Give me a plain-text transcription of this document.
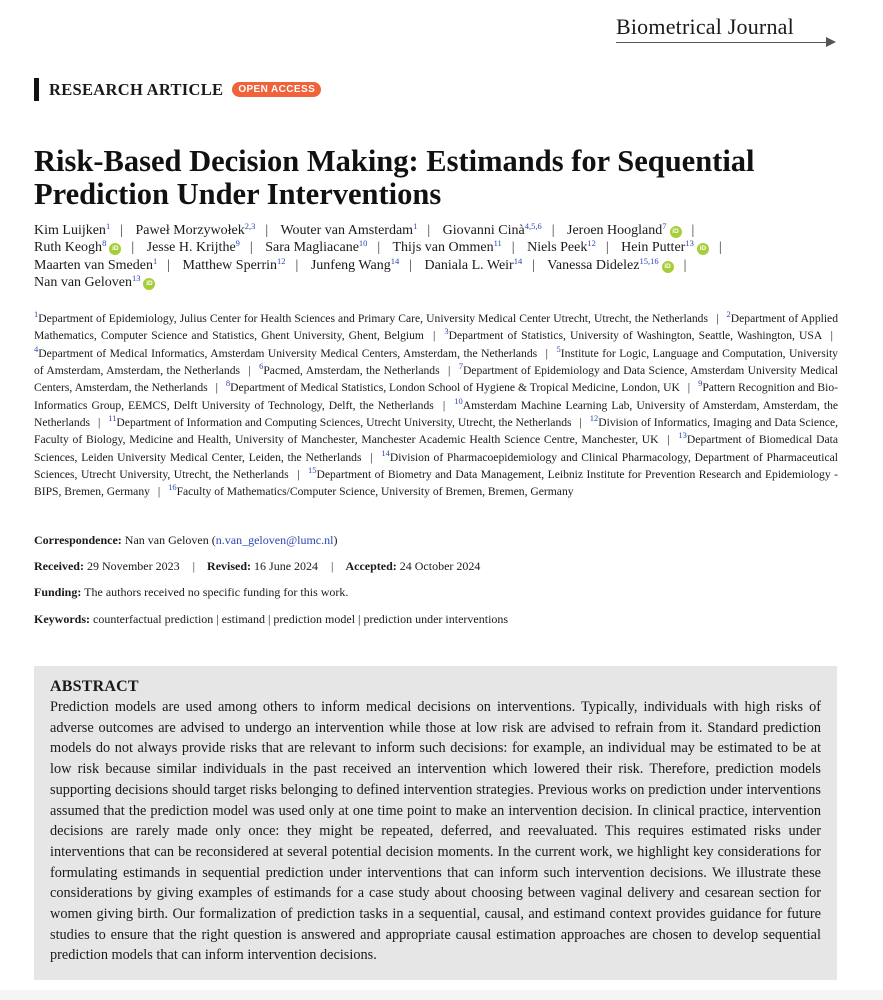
Biometrical Journal
RESEARCH ARTICLE	OPEN ACCESS
Risk-Based Decision Making: Estimands for Sequential Prediction Under Interventions
Kim Luijken$^1$ | Paweł Morzywołek$^{2,3}$ | Wouter van Amsterdam$^1$ | Giovanni Cinà$^{4,5,6}$ | Jeroen Hoogland$^7$iD |
Ruth Keogh$^8$iD | Jesse H. Krijthe$^9$ | Sara Magliacane$^{10}$ | Thijs van Ommen$^{11}$ | Niels Peek$^{12}$ | Hein Putter$^{13}$iD |
Maarten van Smeden$^1$ | Matthew Sperrin$^{12}$ | Junfeng Wang$^{14}$ | Daniala L. Weir$^{14}$ | Vanessa Didelez$^{15,16}$iD |
Nan van Geloven$^{13}$iD
$^1$Department of Epidemiology, Julius Center for Health Sciences and Primary Care, University Medical Center Utrecht, Utrecht, the Netherlands | $^2$Department of Applied Mathematics, Computer Science and Statistics, Ghent University, Ghent, Belgium | $^3$Department of Statistics, University of Washington, Seattle, Washington, USA | $^4$Department of Medical Informatics, Amsterdam University Medical Centers, Amsterdam, the Netherlands | $^5$Institute for Logic, Language and Computation, University of Amsterdam, Amsterdam, the Netherlands | $^6$Pacmed, Amsterdam, the Netherlands | $^7$Department of Epidemiology and Data Science, Amsterdam University Medical Centers, Amsterdam, the Netherlands | $^8$Department of Medical Statistics, London School of Hygiene & Tropical Medicine, London, UK | $^9$Pattern Recognition and Bio-Informatics Group, EEMCS, Delft University of Technology, Delft, the Netherlands | $^{10}$Amsterdam Machine Learning Lab, University of Amsterdam, Amsterdam, the Netherlands | $^{11}$Department of Information and Computing Sciences, Utrecht University, Utrecht, the Netherlands | $^{12}$Division of Informatics, Imaging and Data Science, Faculty of Biology, Medicine and Health, University of Manchester, Manchester Academic Health Science Centre, Manchester, UK | $^{13}$Department of Biomedical Data Sciences, Leiden University Medical Center, Leiden, the Netherlands | $^{14}$Division of Pharmacoepidemiology and Clinical Pharmacology, Department of Pharmaceutical Sciences, Utrecht University, Utrecht, the Netherlands | $^{15}$Department of Biometry and Data Management, Leibniz Institute for Prevention Research and Epidemiology - BIPS, Bremen, Germany | $^{16}$Faculty of Mathematics/Computer Science, University of Bremen, Bremen, Germany
Correspondence: Nan van Geloven (n.van_geloven@lumc.nl)
Received: 29 November 2023 | Revised: 16 June 2024 | Accepted: 24 October 2024
Funding: The authors received no specific funding for this work.
Keywords: counterfactual prediction | estimand | prediction model | prediction under interventions
ABSTRACT

Prediction models are used among others to inform medical decisions on interventions. Typically, individuals with high risks of adverse outcomes are advised to undergo an intervention while those at low risk are advised to refrain from it. Standard prediction models do not always provide risks that are relevant to inform such decisions: for example, an individual may be estimated to be at low risk because similar individuals in the past received an intervention which lowered their risk. Therefore, prediction models supporting decisions should target risks belonging to defined intervention strategies. Previous works on prediction under interventions assumed that the prediction model was used only at one time point to make an intervention decision. In clinical practice, intervention decisions are rarely made only once: they might be repeated, deferred, and reevaluated. This requires estimated risks under interventions that can be reconsidered at several potential decision moments. In the current work, we highlight key considerations for formulating estimands in sequential prediction under interventions that can inform such intervention decisions. We illustrate these considerations by giving examples of estimands for a case study about choosing between vaginal delivery and cesarean section for women giving birth. Our formalization of prediction tasks in a sequential, causal, and estimand context provides guidance for future studies to ensure that the right question is answered and appropriate causal estimation approaches are chosen to develop sequential prediction models that can inform intervention decisions.
